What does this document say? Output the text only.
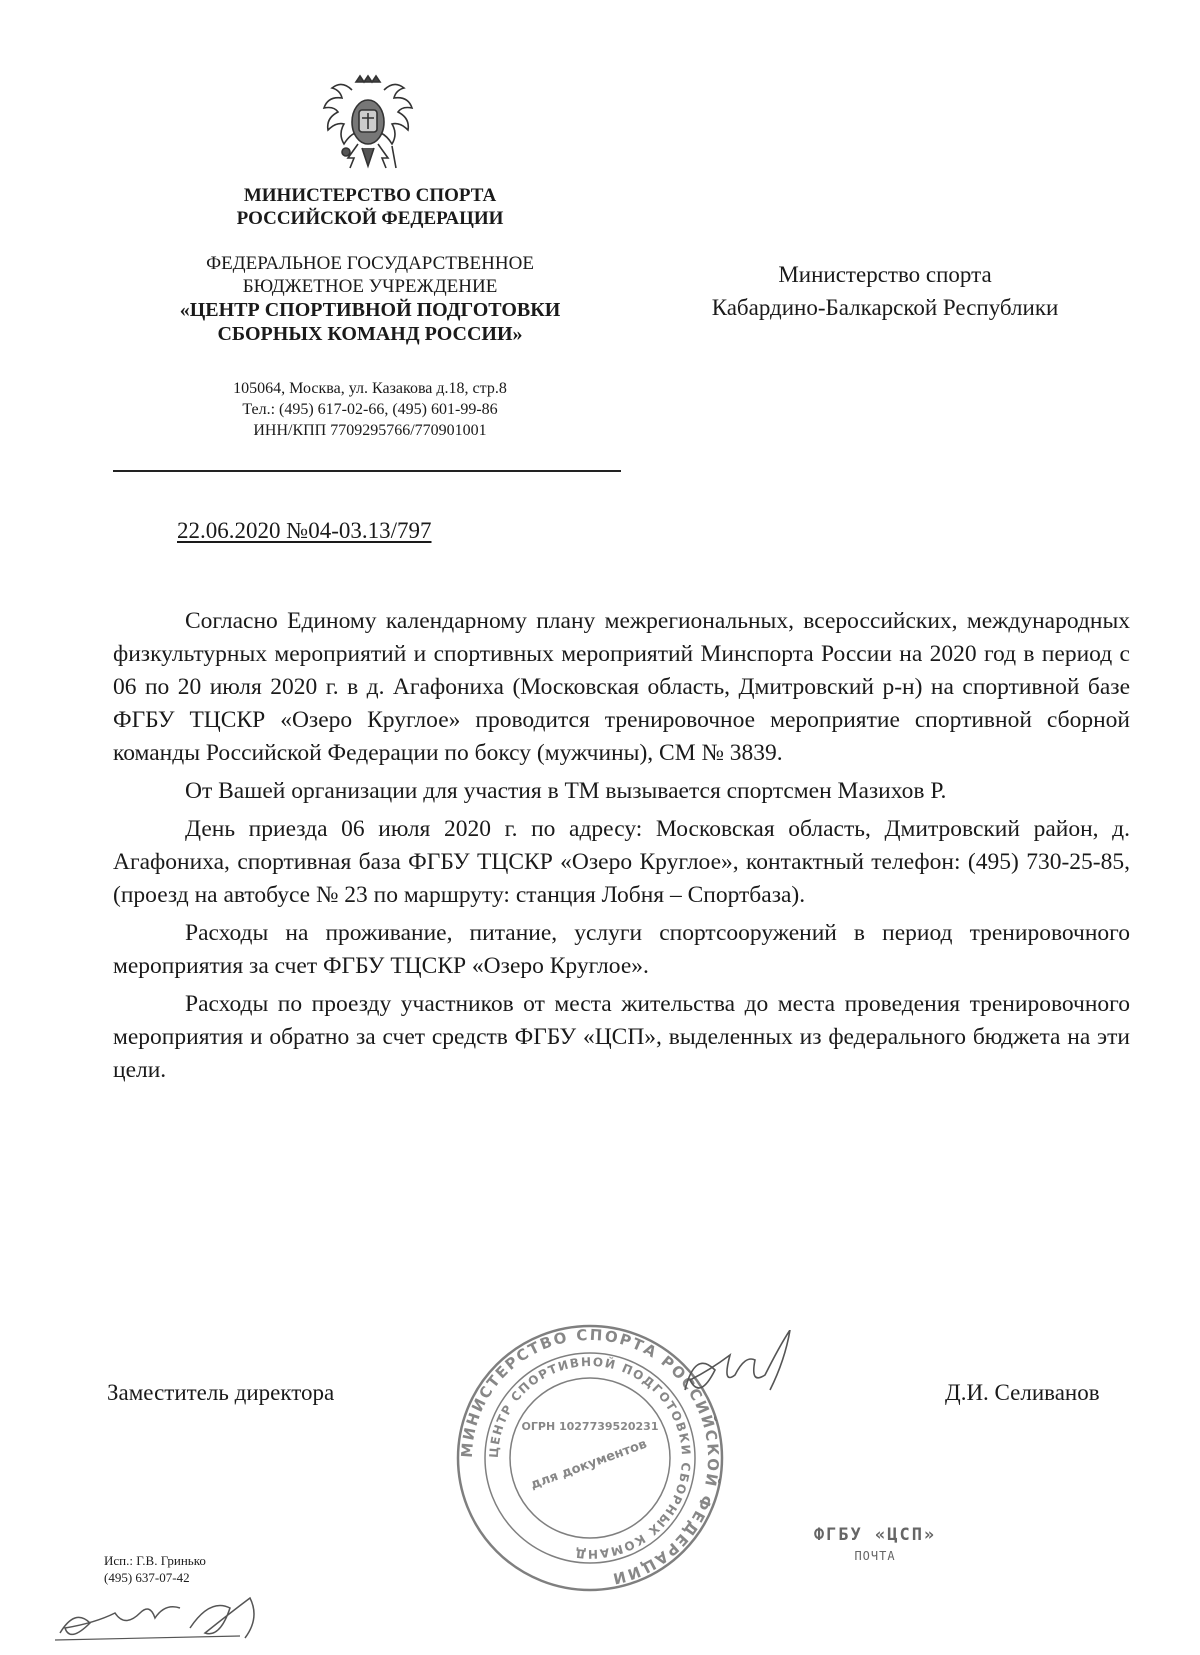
МИНИСТЕРСТВО СПОРТА
РОССИЙСКОЙ ФЕДЕРАЦИИ
ФЕДЕРАЛЬНОЕ ГОСУДАРСТВЕННОЕ
БЮДЖЕТНОЕ УЧРЕЖДЕНИЕ
«ЦЕНТР СПОРТИВНОЙ ПОДГОТОВКИ
СБОРНЫХ КОМАНД РОССИИ»
105064, Москва, ул. Казакова д.18, стр.8
Тел.: (495) 617-02-66, (495) 601-99-86
ИНН/КПП 7709295766/770901001
Министерство спорта
Кабардино-Балкарской Республики
22.06.2020 №04-03.13/797

Согласно Единому календарному плану межрегиональных, всероссийских, международных физкультурных мероприятий и спортивных мероприятий Минспорта России на 2020 год в период с 06 по 20 июля 2020 г. в д. Агафониха (Московская область, Дмитровский р-н) на спортивной базе ФГБУ ТЦСКР «Озеро Круглое» проводится тренировочное мероприятие спортивной сборной команды Российской Федерации по боксу (мужчины), СМ № 3839.

От Вашей организации для участия в ТМ вызывается спортсмен Мазихов Р.

День приезда 06 июля 2020 г. по адресу: Московская область, Дмитровский район, д. Агафониха, спортивная база ФГБУ ТЦСКР «Озеро Круглое», контактный телефон: (495) 730-25-85, (проезд на автобусе № 23 по маршруту: станция Лобня – Спортбаза).

Расходы на проживание, питание, услуги спортсооружений в период тренировочного мероприятия за счет ФГБУ ТЦСКР «Озеро Круглое».

Расходы по проезду участников от места жительства до места проведения тренировочного мероприятия и обратно за счет средств ФГБУ «ЦСП», выделенных из федерального бюджета на эти цели.

Заместитель директора	Д.И. Селиванов
МИНИСТЕРСТВО СПОРТА РОССИЙСКОЙ ФЕДЕРАЦИИ
ЦЕНТР СПОРТИВНОЙ ПОДГОТОВКИ СБОРНЫХ КОМАНД
ОГРН 1027739520231
для документов
ФГБУ «ЦСП»
ПОЧТА
Исп.: Г.В. Гринько
(495) 637-07-42
